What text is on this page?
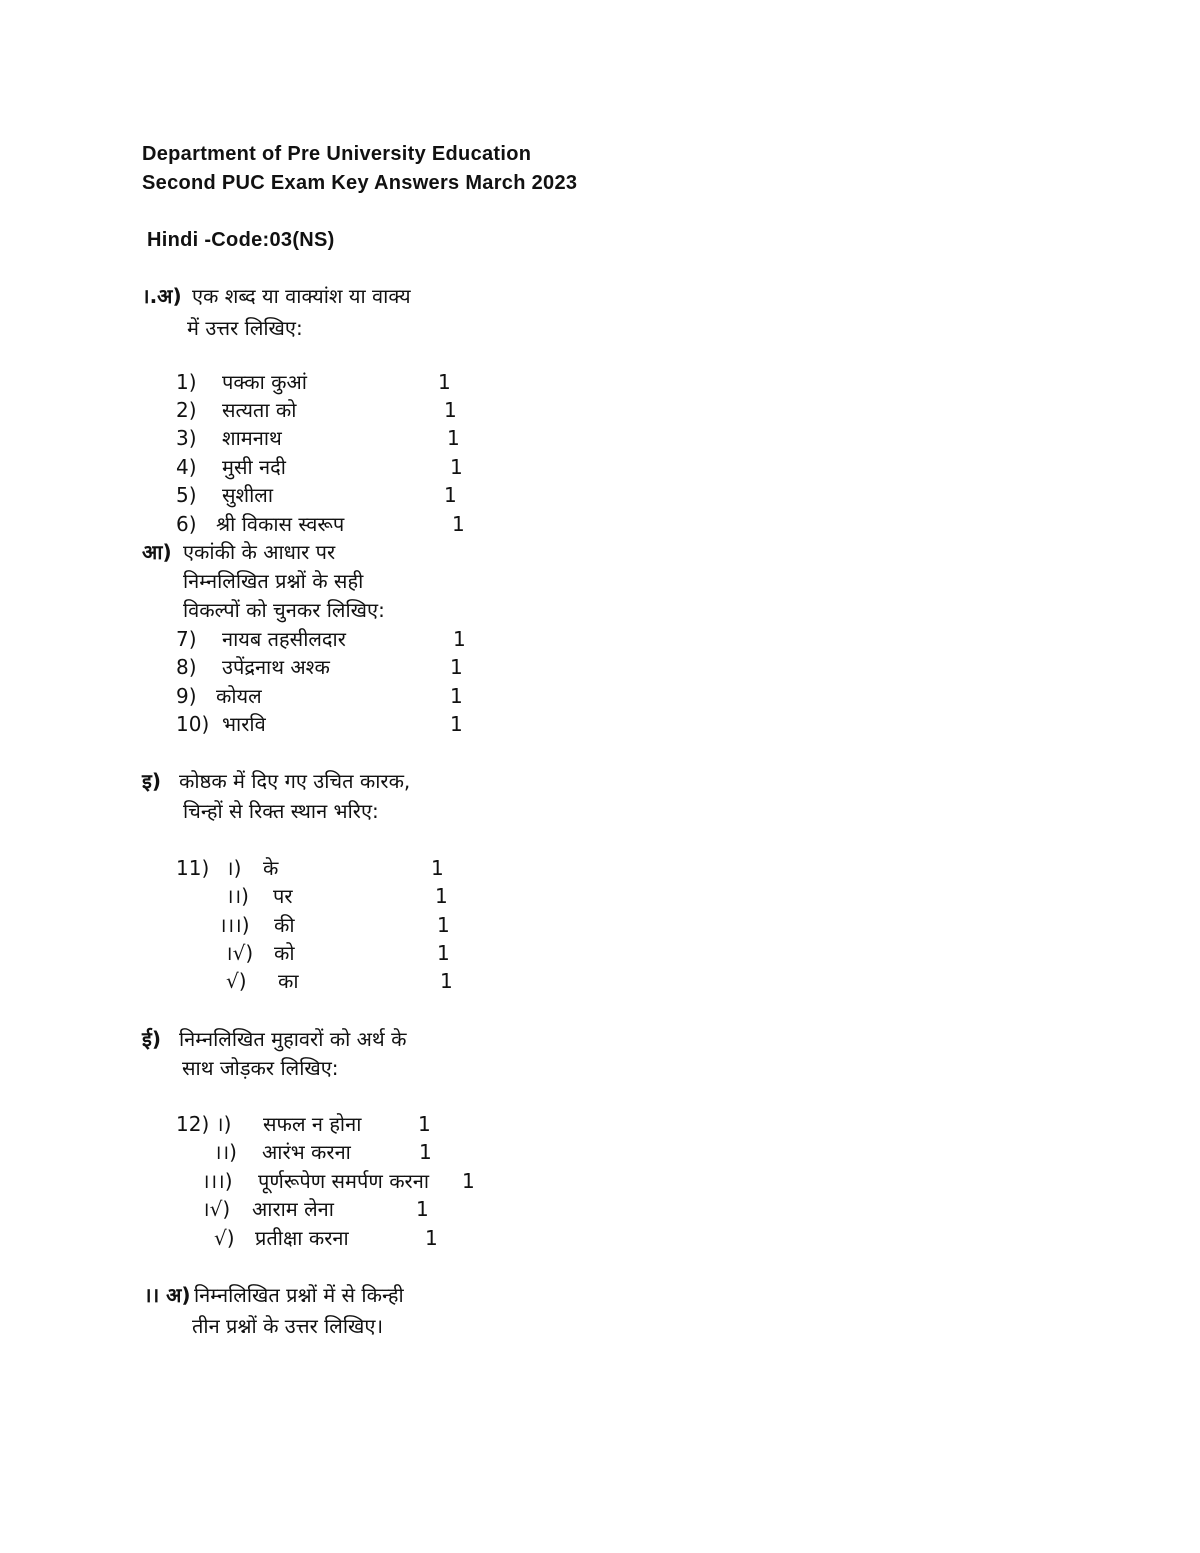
Department of Pre University Education
Second PUC Exam Key Answers March 2023
Hindi -Code:03(NS)
।.अ) एक शब्द या वाक्यांश या वाक्य
में उत्तर लिखिए:
1) पक्का कुआं	1
2) सत्यता को	1
3) शामनाथ	1
4) मुसी नदी	1
5) सुशीला	1
6) श्री विकास स्वरूप	1
आ) एकांकी के आधार पर
निम्नलिखित प्रश्नों के सही
विकल्पों को चुनकर लिखिए:
7) नायब तहसीलदार	1
8) उपेंद्रनाथ अश्क	1
9) कोयल	1
10) भारवि	1
इ) कोष्ठक में दिए गए उचित कारक,
चिन्हों से रिक्त स्थान भरिए:
11) ।) के	1
।।) पर	1
।।।) की	1
।√) को	1
√) का	1
ई) निम्नलिखित मुहावरों को अर्थ के
साथ जोड़कर लिखिए:
12) ।) सफल न होना	1
।।) आरंभ करना	1
।।।) पूर्णरूपेण समर्पण करना 1
।√) आराम लेना	1
√) प्रतीक्षा करना	1
।। अ) निम्नलिखित प्रश्नों में से किन्ही
तीन प्रश्नों के उत्तर लिखिए।
